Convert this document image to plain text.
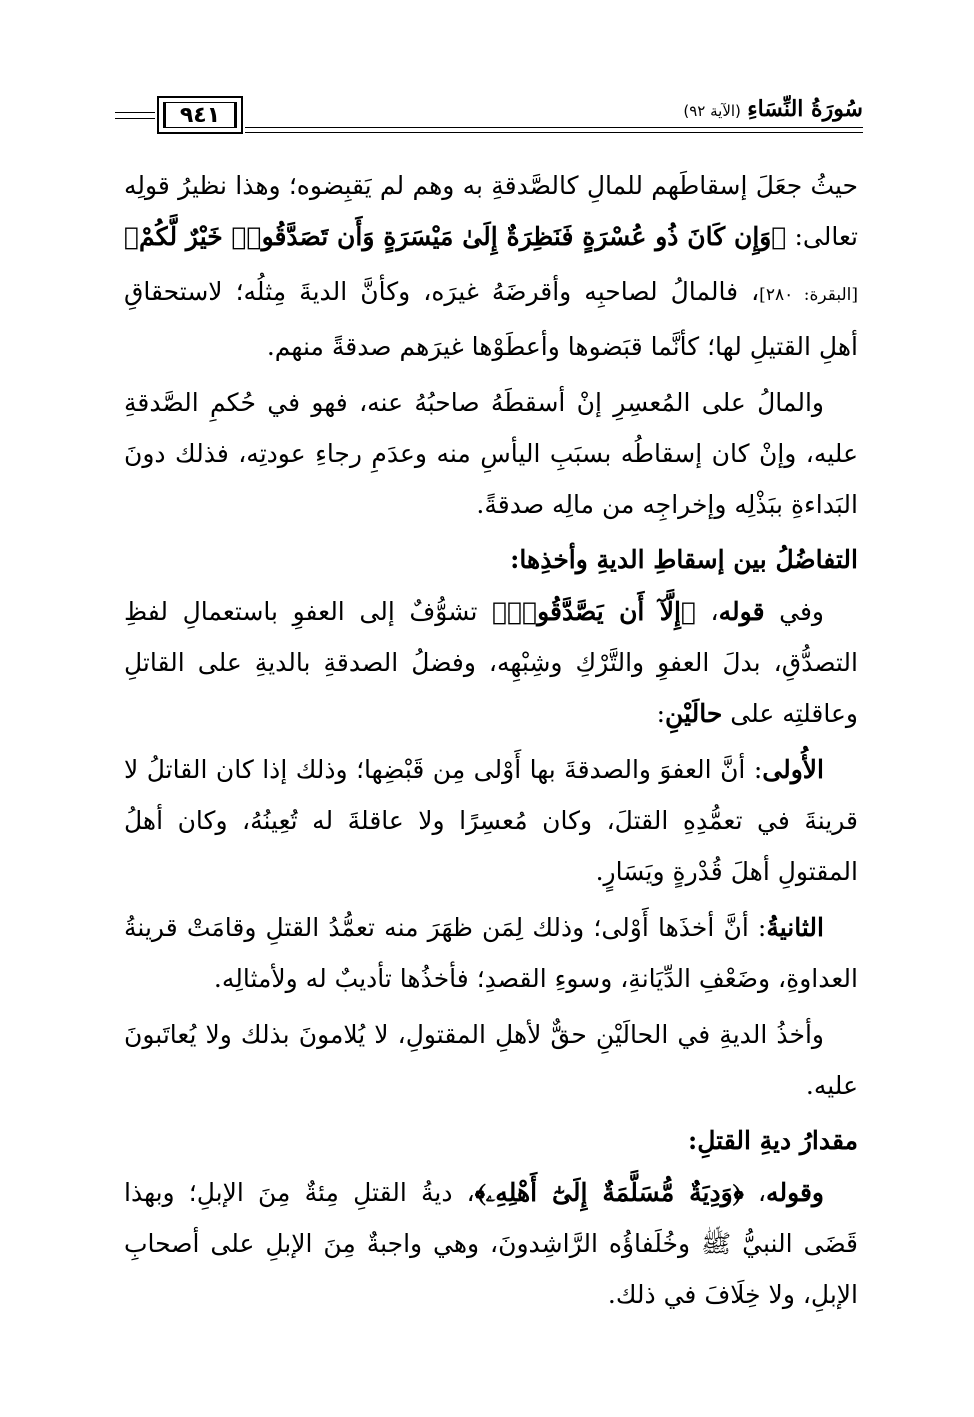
٩٤١	سُورَةُ النِّسَاءِ (الآية ٩٢)

حيثُ جعَلَ إسقاطَهم للمالِ كالصَّدقةِ به وهم لم يَقبِضوه؛ وهذا نظيرُ قولِه تعالى: ﴿وَإِن كَانَ ذُو عُسْرَةٍ فَنَظِرَةٌ إِلَىٰ مَيْسَرَةٍ وَأَن تَصَدَّقُوا۟ خَيْرٌ لَّكُمْ﴾ [البقرة: ٢٨٠]، فالمالُ لصاحبِه وأقرضَهُ غيرَه، وكأنَّ الديةَ مِثلُه؛ لاستحقاقِ أهلِ القتيلِ لها؛ كأنَّما قبَضوها وأعطَوْها غيرَهم صدقةً منهم.

والمالُ على المُعسِرِ إنْ أسقطَهُ صاحبُهُ عنه، فهو في حُكمِ الصَّدقةِ عليه، وإنْ كان إسقاطُه بسبَبِ اليأسِ منه وعدَمِ رجاءِ عودتِه، فذلك دونَ البَداءةِ ببَذْلِه وإخراجِه من مالِه صدقةً.

التفاضُلُ بين إسقاطِ الديةِ وأخذِها:

وفي قوله، ﴿إِلَّآ أَن يَصَّدَّقُوا۟﴾ تشوُّفٌ إلى العفوِ باستعمالِ لفظِ التصدُّقِ، بدلَ العفوِ والتَّرْكِ وشِبْهِه، وفضلُ الصدقةِ بالديةِ على القاتلِ وعاقلتِه على حالَيْنِ:

الأُولى: أنَّ العفوَ والصدقةَ بها أَوْلى مِن قَبْضِها؛ وذلك إذا كان القاتلُ لا قرينةَ في تعمُّدِهِ القتلَ، وكان مُعسِرًا ولا عاقلةَ له تُعِينُهُ، وكان أهلُ المقتولِ أهلَ قُدْرةٍ ويَسَارٍ.

الثانيةُ: أنَّ أخذَها أَوْلى؛ وذلك لِمَن ظهَرَ منه تعمُّدُ القتلِ وقامَتْ قرينةُ العداوةِ، وضَعْفِ الدِّيَانةِ، وسوءِ القصدِ؛ فأخذُها تأديبٌ له ولأمثالِه.

وأخذُ الديةِ في الحالَيْنِ حقٌّ لأهلِ المقتولِ، لا يُلامونَ بذلك ولا يُعاتَبونَ عليه.

مقدارُ ديةِ القتلِ:

وقوله، ﴿وَدِيَةٌ مُّسَلَّمَةٌ إِلَىٰٓ أَهْلِهِۦ﴾، ديةُ القتلِ مِئةٌ مِنَ الإبلِ؛ وبهذا قَضَى النبيُّ ﷺ وخُلَفاؤُه الرَّاشِدونَ، وهي واجبةٌ مِنَ الإبلِ على أصحابِ الإبلِ، ولا خِلَافَ في ذلك.
